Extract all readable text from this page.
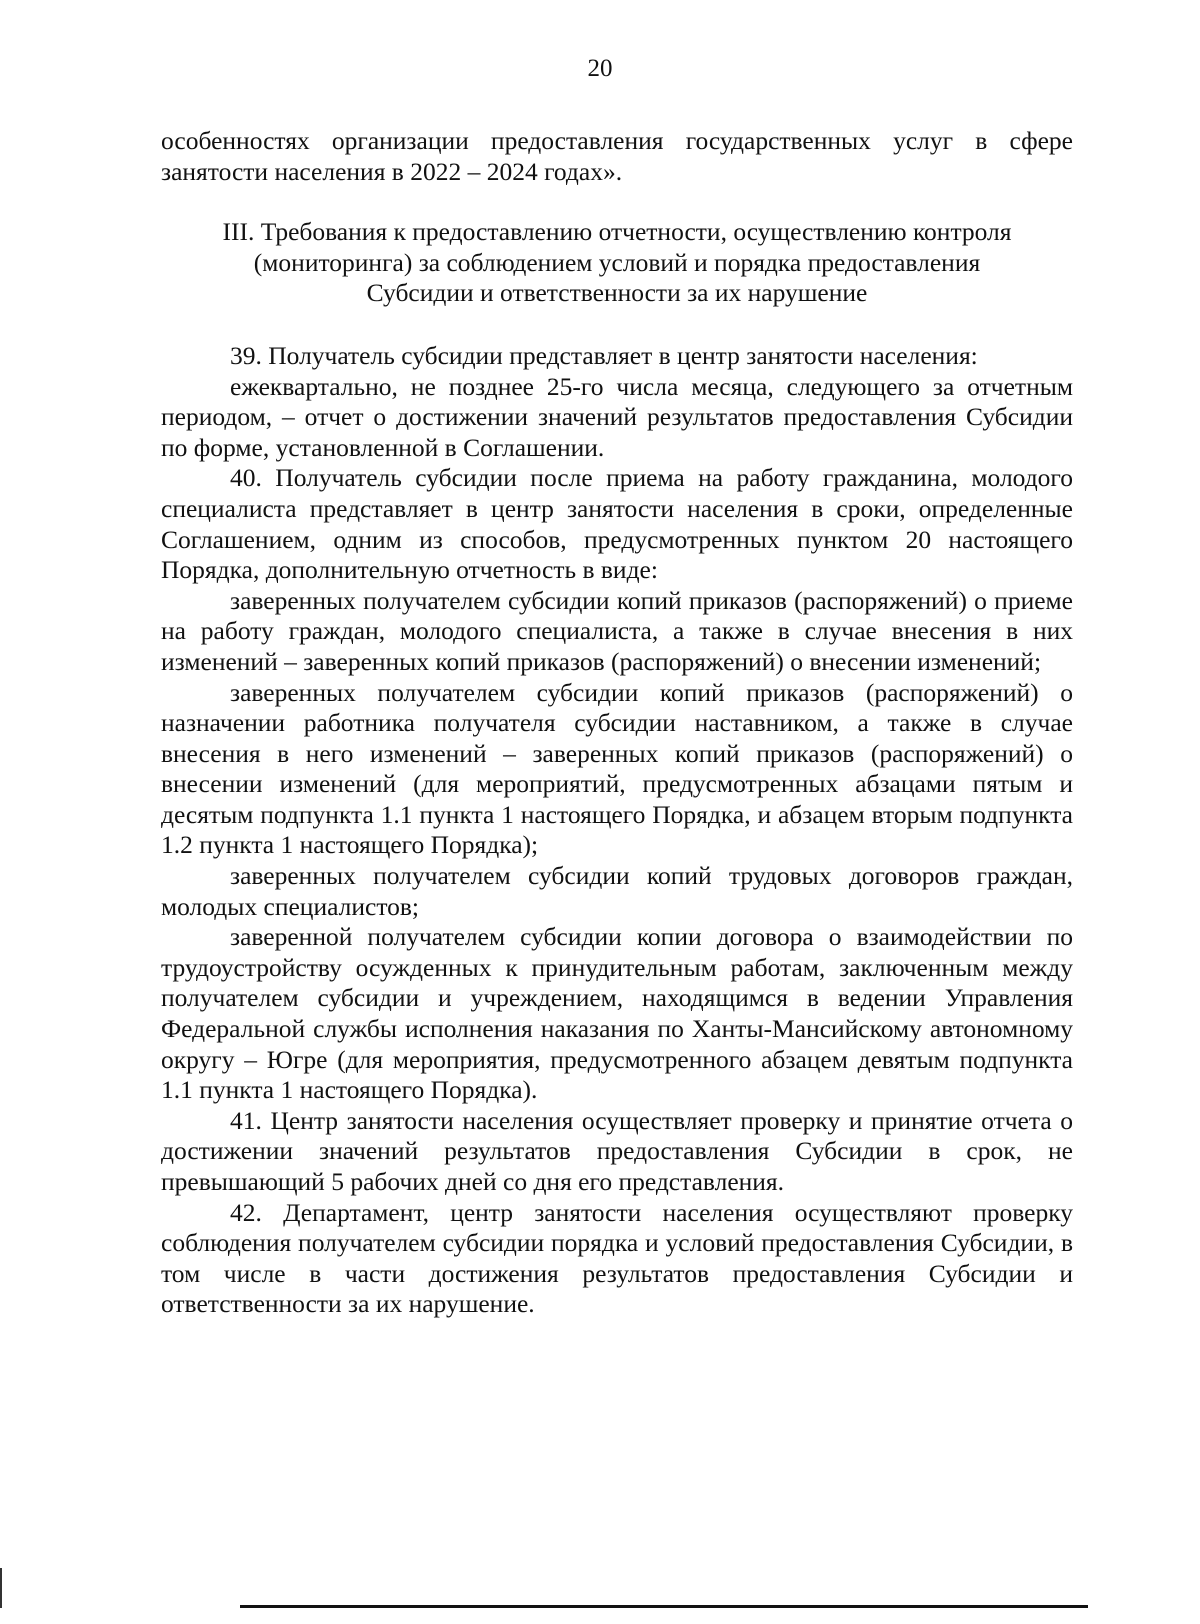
20

особенностях организации предоставления государственных услуг в сфере занятости населения в 2022 – 2024 годах».

III. Требования к предоставлению отчетности, осуществлению контроля
(мониторинга) за соблюдением условий и порядка предоставления
Субсидии и ответственности за их нарушение

39. Получатель субсидии представляет в центр занятости населения:

ежеквартально, не позднее 25-го числа месяца, следующего за отчетным периодом, – отчет о достижении значений результатов предоставления Субсидии по форме, установленной в Соглашении.

40. Получатель субсидии после приема на работу гражданина, молодого специалиста представляет в центр занятости населения в сроки, определенные Соглашением, одним из способов, предусмотренных пунктом 20 настоящего Порядка, дополнительную отчетность в виде:

заверенных получателем субсидии копий приказов (распоряжений) о приеме на работу граждан, молодого специалиста, а также в случае внесения в них изменений – заверенных копий приказов (распоряжений) о внесении изменений;

заверенных получателем субсидии копий приказов (распоряжений) о назначении работника получателя субсидии наставником, а также в случае внесения в него изменений – заверенных копий приказов (распоряжений) о внесении изменений (для мероприятий, предусмотренных абзацами пятым и десятым подпункта 1.1 пункта 1 настоящего Порядка, и абзацем вторым подпункта 1.2 пункта 1 настоящего Порядка);

заверенных получателем субсидии копий трудовых договоров граждан, молодых специалистов;

заверенной получателем субсидии копии договора о взаимодействии по трудоустройству осужденных к принудительным работам, заключенным между получателем субсидии и учреждением, находящимся в ведении Управления Федеральной службы исполнения наказания по Ханты-Мансийскому автономному округу – Югре (для мероприятия, предусмотренного абзацем девятым подпункта 1.1 пункта 1 настоящего Порядка).

41. Центр занятости населения осуществляет проверку и принятие отчета о достижении значений результатов предоставления Субсидии в срок, не превышающий 5 рабочих дней со дня его представления.

42. Департамент, центр занятости населения осуществляют проверку соблюдения получателем субсидии порядка и условий предоставления Субсидии, в том числе в части достижения результатов предоставления Субсидии и ответственности за их нарушение.
